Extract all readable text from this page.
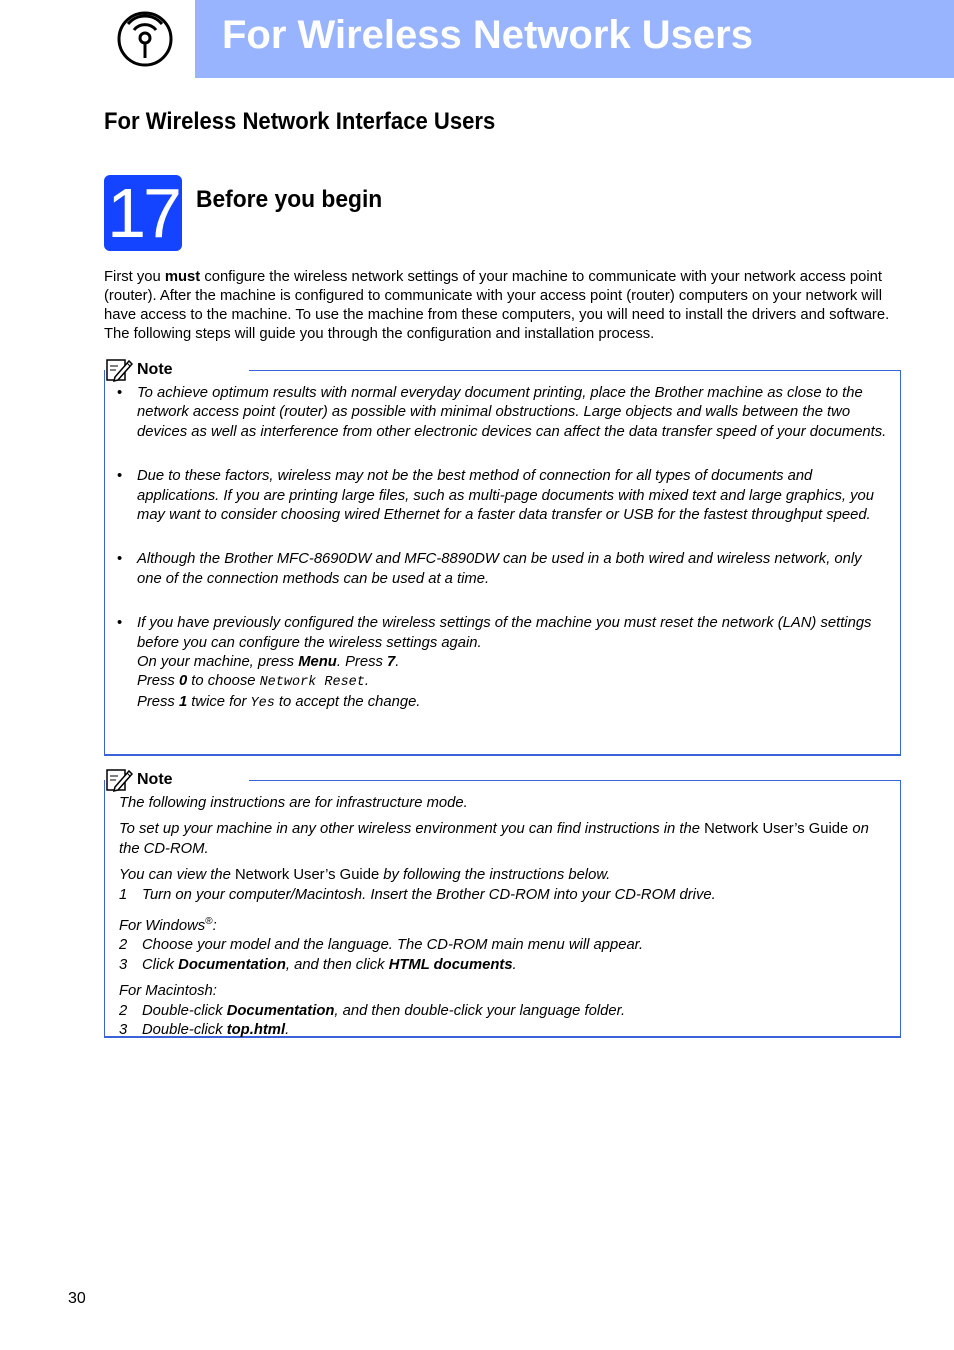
For Wireless Network Users
For Wireless Network Interface Users
17 Before you begin
First you must configure the wireless network settings of your machine to communicate with your network access point (router). After the machine is configured to communicate with your access point (router) computers on your network will have access to the machine. To use the machine from these computers, you will need to install the drivers and software. The following steps will guide you through the configuration and installation process.
Note
• To achieve optimum results with normal everyday document printing, place the Brother machine as close to the network access point (router) as possible with minimal obstructions. Large objects and walls between the two devices as well as interference from other electronic devices can affect the data transfer speed of your documents.
• Due to these factors, wireless may not be the best method of connection for all types of documents and applications. If you are printing large files, such as multi-page documents with mixed text and large graphics, you may want to consider choosing wired Ethernet for a faster data transfer or USB for the fastest throughput speed.
• Although the Brother MFC-8690DW and MFC-8890DW can be used in a both wired and wireless network, only one of the connection methods can be used at a time.
• If you have previously configured the wireless settings of the machine you must reset the network (LAN) settings before you can configure the wireless settings again.
On your machine, press Menu. Press 7.
Press 0 to choose Network Reset.
Press 1 twice for Yes to accept the change.
Note

The following instructions are for infrastructure mode.

To set up your machine in any other wireless environment you can find instructions in the Network User’s Guide on the CD-ROM.

You can view the Network User’s Guide by following the instructions below.
1 Turn on your computer/Macintosh. Insert the Brother CD-ROM into your CD-ROM drive.
For Windows®:
2 Choose your model and the language. The CD-ROM main menu will appear.
3 Click Documentation, and then click HTML documents.
For Macintosh:
2 Double-click Documentation, and then double-click your language folder.
3 Double-click top.html.
30
